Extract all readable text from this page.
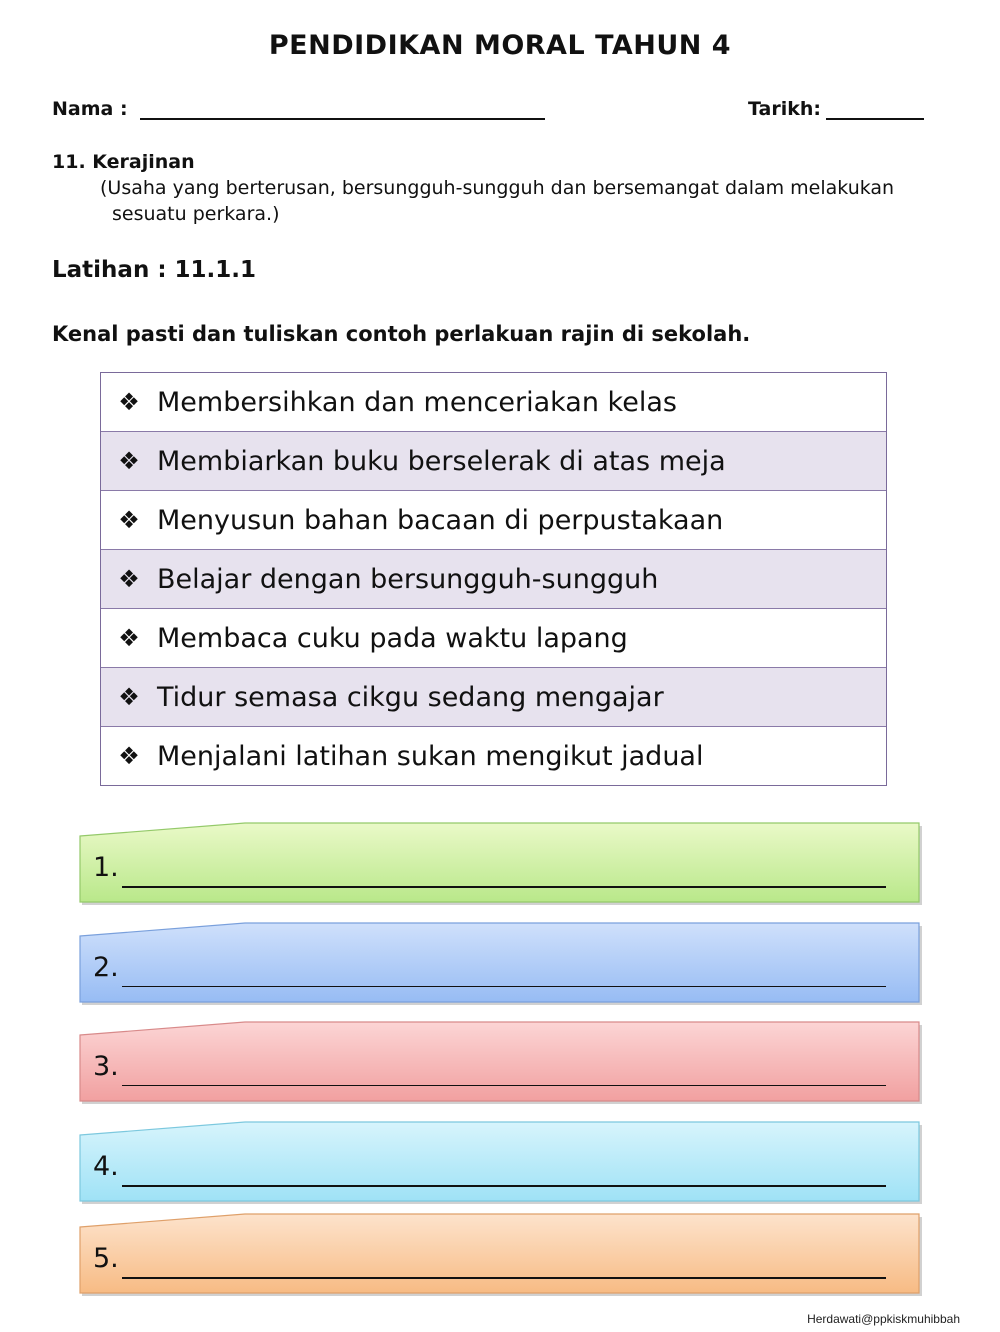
PENDIDIKAN MORAL TAHUN 4
Nama :	Tarikh:
11. Kerajinan
(Usaha yang berterusan, bersungguh-sungguh dan bersemangat dalam melakukan
sesuatu perkara.)
Latihan : 11.1.1
Kenal pasti dan tuliskan contoh perlakuan rajin di sekolah.
❖ Membersihkan dan menceriakan kelas
❖ Membiarkan buku berselerak di atas meja
❖ Menyusun bahan bacaan di perpustakaan
❖ Belajar dengan bersungguh-sungguh
❖ Membaca cuku pada waktu lapang
❖ Tidur semasa cikgu sedang mengajar
❖ Menjalani latihan sukan mengikut jadual
1.
2.
3.
4.
5.
Herdawati@ppkiskmuhibbah
